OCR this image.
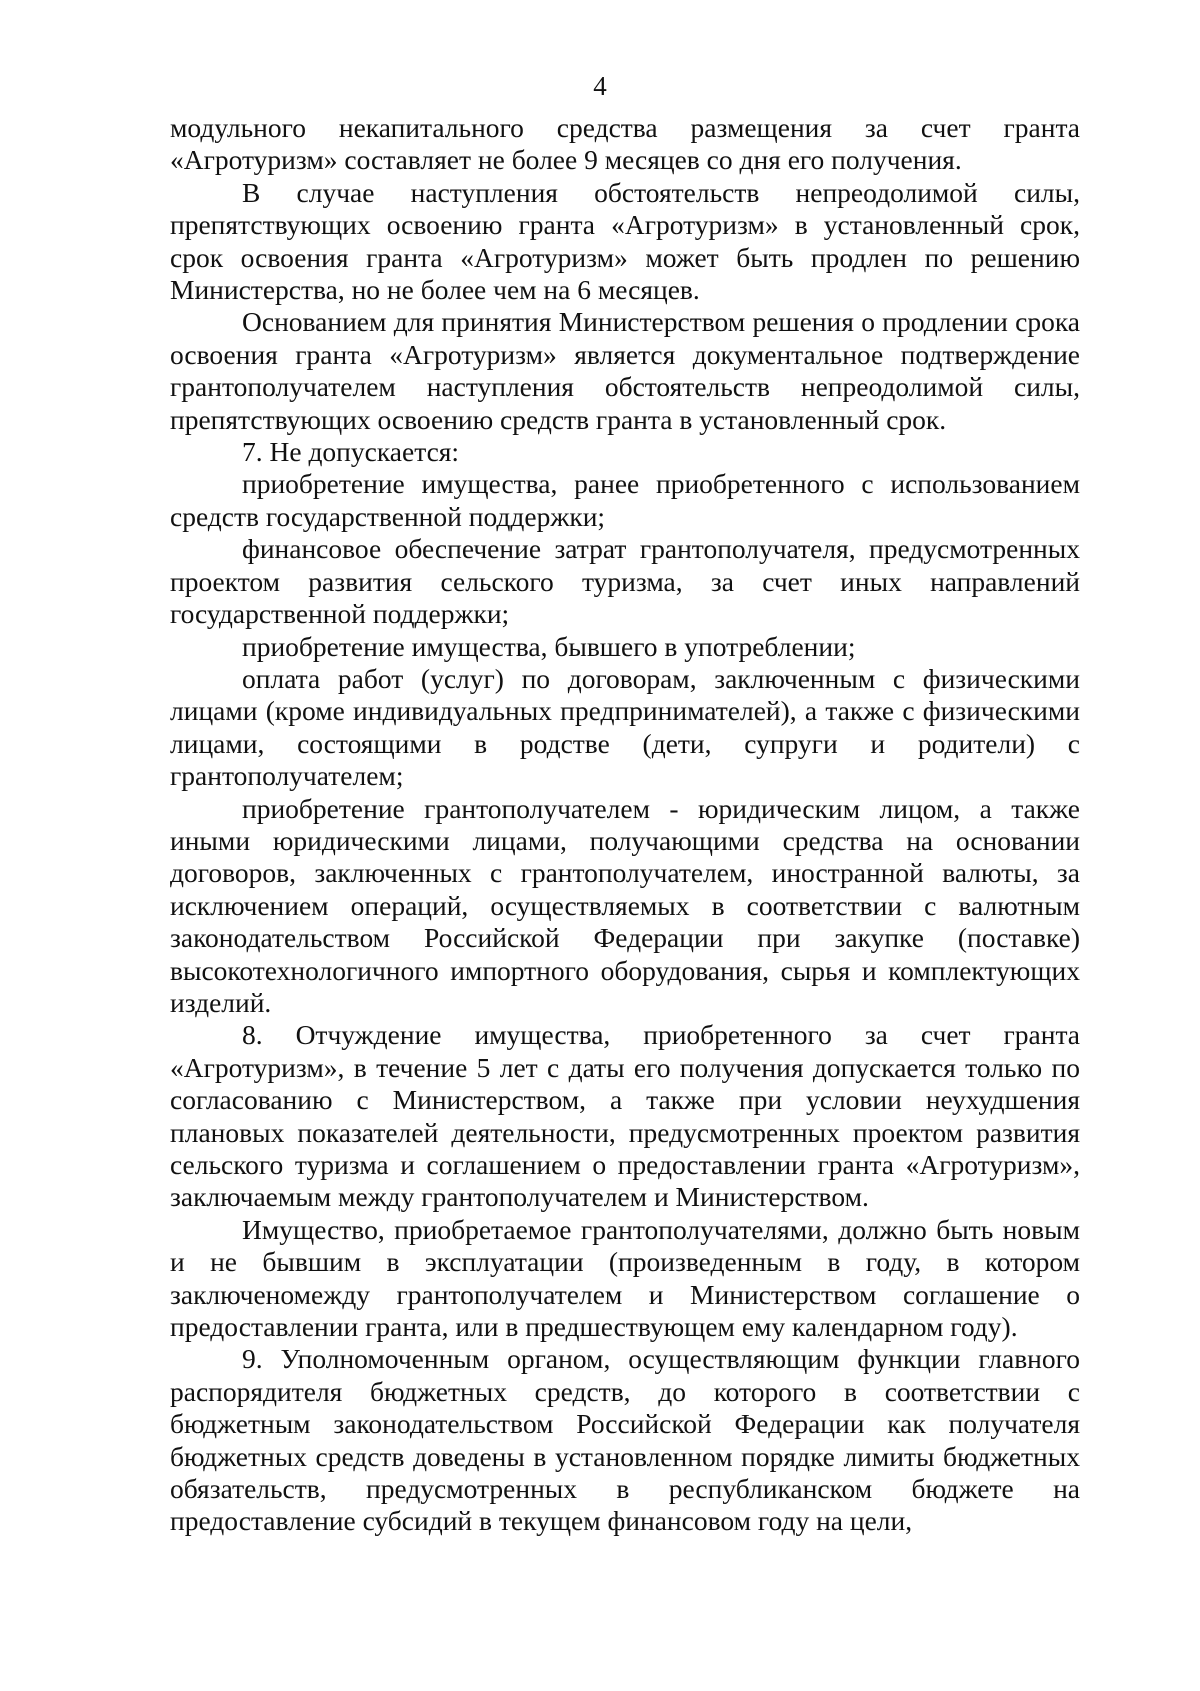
4

модульного некапитального средства размещения за счет гранта «Агротуризм» составляет не более 9 месяцев со дня его получения.

В случае наступления обстоятельств непреодолимой силы, препятствующих освоению гранта «Агротуризм» в установленный срок, срок освоения гранта «Агротуризм» может быть продлен по решению Министерства, но не более чем на 6 месяцев.

Основанием для принятия Министерством решения о продлении срока освоения гранта «Агротуризм» является документальное подтверждение грантополучателем наступления обстоятельств непреодолимой силы, препятствующих освоению средств гранта в установленный срок.

7. Не допускается:

приобретение имущества, ранее приобретенного с использованием средств государственной поддержки;

финансовое обеспечение затрат грантополучателя, предусмотренных проектом развития сельского туризма, за счет иных направлений государственной поддержки;

приобретение имущества, бывшего в употреблении;

оплата работ (услуг) по договорам, заключенным с физическими лицами (кроме индивидуальных предпринимателей), а также с физическими лицами, состоящими в родстве (дети, супруги и родители) с грантополучателем;

приобретение грантополучателем - юридическим лицом, а также иными юридическими лицами, получающими средства на основании договоров, заключенных с грантополучателем, иностранной валюты, за исключением операций, осуществляемых в соответствии с валютным законодательством Российской Федерации при закупке (поставке) высокотехнологичного импортного оборудования, сырья и комплектующих изделий.

8. Отчуждение имущества, приобретенного за счет гранта «Агротуризм», в течение 5 лет с даты его получения допускается только по согласованию с Министерством, а также при условии неухудшения плановых показателей деятельности, предусмотренных проектом развития сельского туризма и соглашением о предоставлении гранта «Агротуризм», заключаемым между грантополучателем и Министерством.

Имущество, приобретаемое грантополучателями, должно быть новым и не бывшим в эксплуатации (произведенным в году, в котором заключеномежду грантополучателем и Министерством соглашение о предоставлении гранта, или в предшествующем ему календарном году).

9. Уполномоченным органом, осуществляющим функции главного распорядителя бюджетных средств, до которого в соответствии с бюджетным законодательством Российской Федерации как получателя бюджетных средств доведены в установленном порядке лимиты бюджетных обязательств, предусмотренных в республиканском бюджете на предоставление субсидий в текущем финансовом году на цели,
